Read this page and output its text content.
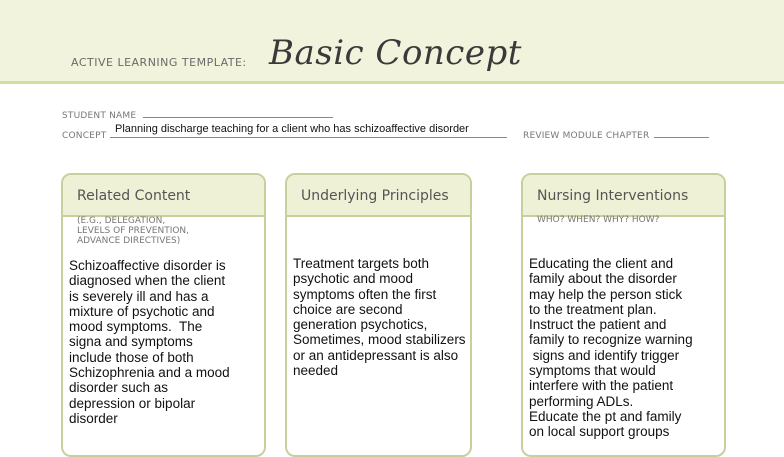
ACTIVE LEARNING TEMPLATE: Basic Concept
STUDENT NAME
CONCEPT
Planning discharge teaching for a client who has schizoaffective disorder
REVIEW MODULE CHAPTER
Related Content
(E.G., DELEGATION,
LEVELS OF PREVENTION,
ADVANCE DIRECTIVES)
Schizoaffective disorder is
diagnosed when the client
is severely ill and has a
mixture of psychotic and
mood symptoms.  The
signa and symptoms
include those of both
Schizophrenia and a mood
disorder such as
depression or bipolar
disorder
Underlying Principles
Treatment targets both
psychotic and mood
symptoms often the first
choice are second
generation psychotics,
Sometimes, mood stabilizers
or an antidepressant is also
needed
Nursing Interventions
WHO? WHEN? WHY? HOW?
Educating the client and
family about the disorder
may help the person stick
to the treatment plan.
Instruct the patient and
family to recognize warning
signs and identify trigger
symptoms that would
interfere with the patient
performing ADLs.
Educate the pt and family
on local support groups
